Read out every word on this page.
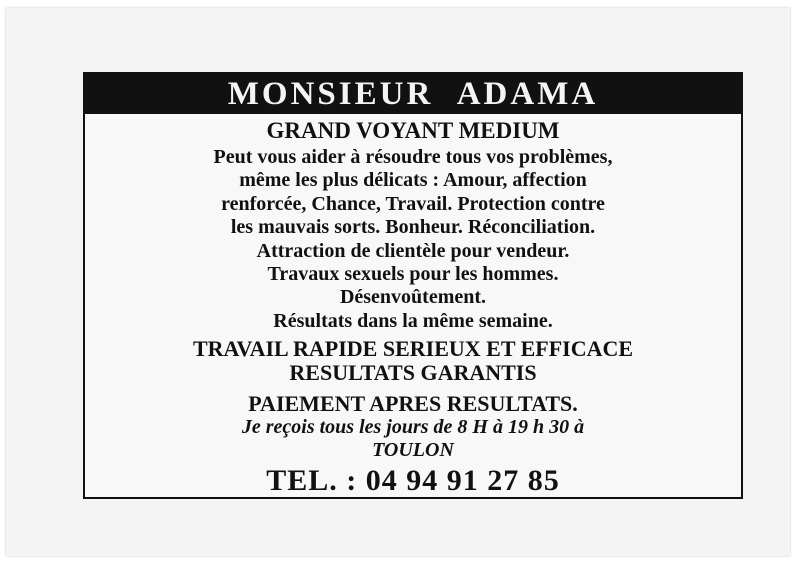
MONSIEUR ADAMA
GRAND VOYANT MEDIUM
Peut vous aider à résoudre tous vos problèmes,
même les plus délicats : Amour, affection
renforcée, Chance, Travail. Protection contre
les mauvais sorts. Bonheur. Réconciliation.
Attraction de clientèle pour vendeur.
Travaux sexuels pour les hommes.
Désenvoûtement.
Résultats dans la même semaine.
TRAVAIL RAPIDE SERIEUX ET EFFICACE
RESULTATS GARANTIS
PAIEMENT APRES RESULTATS.
Je reçois tous les jours de 8 H à 19 h 30 à
TOULON
TEL. : 04 94 91 27 85
